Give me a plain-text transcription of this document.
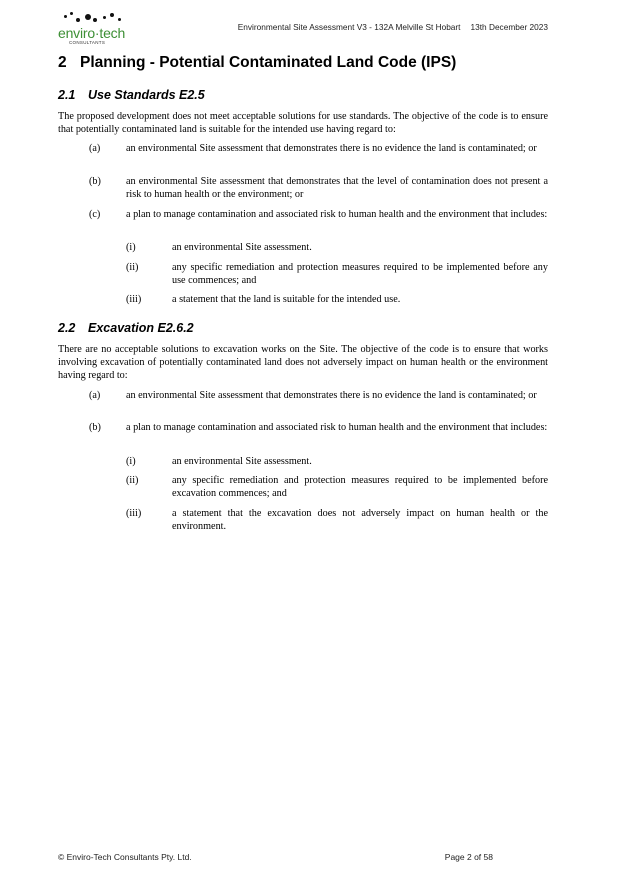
enviro·tech
CONSULTANTS
Environmental Site Assessment V3 - 132A Melville St Hobart 13th December 2023
2 Planning - Potential Contaminated Land Code (IPS)
2.1 Use Standards E2.5
The proposed development does not meet acceptable solutions for use standards. The objective of the code is to ensure that potentially contaminated land is suitable for the intended use having regard to:
(a)	an environmental Site assessment that demonstrates there is no evidence the land is contaminated; or
(b) an environmental Site assessment that demonstrates that the level of contamination does not present a risk to human health or the environment; or
(c)	a plan to manage contamination and associated risk to human health and the environment that includes:
(i)	an environmental Site assessment.
(ii)	any specific remediation and protection measures required to be implemented before any use commences; and
(iii)	a statement that the land is suitable for the intended use.
2.2 Excavation E2.6.2
There are no acceptable solutions to excavation works on the Site. The objective of the code is to ensure that works involving excavation of potentially contaminated land does not adversely impact on human health or the environment having regard to:
(a)	an environmental Site assessment that demonstrates there is no evidence the land is contaminated; or
(b) a plan to manage contamination and associated risk to human health and the environment that includes:
(i)	an environmental Site assessment.
(ii)	any specific remediation and protection measures required to be implemented before excavation commences; and
(iii)	a statement that the excavation does not adversely impact on human health or the environment.
© Enviro-Tech Consultants Pty. Ltd.	Page 2 of 58
